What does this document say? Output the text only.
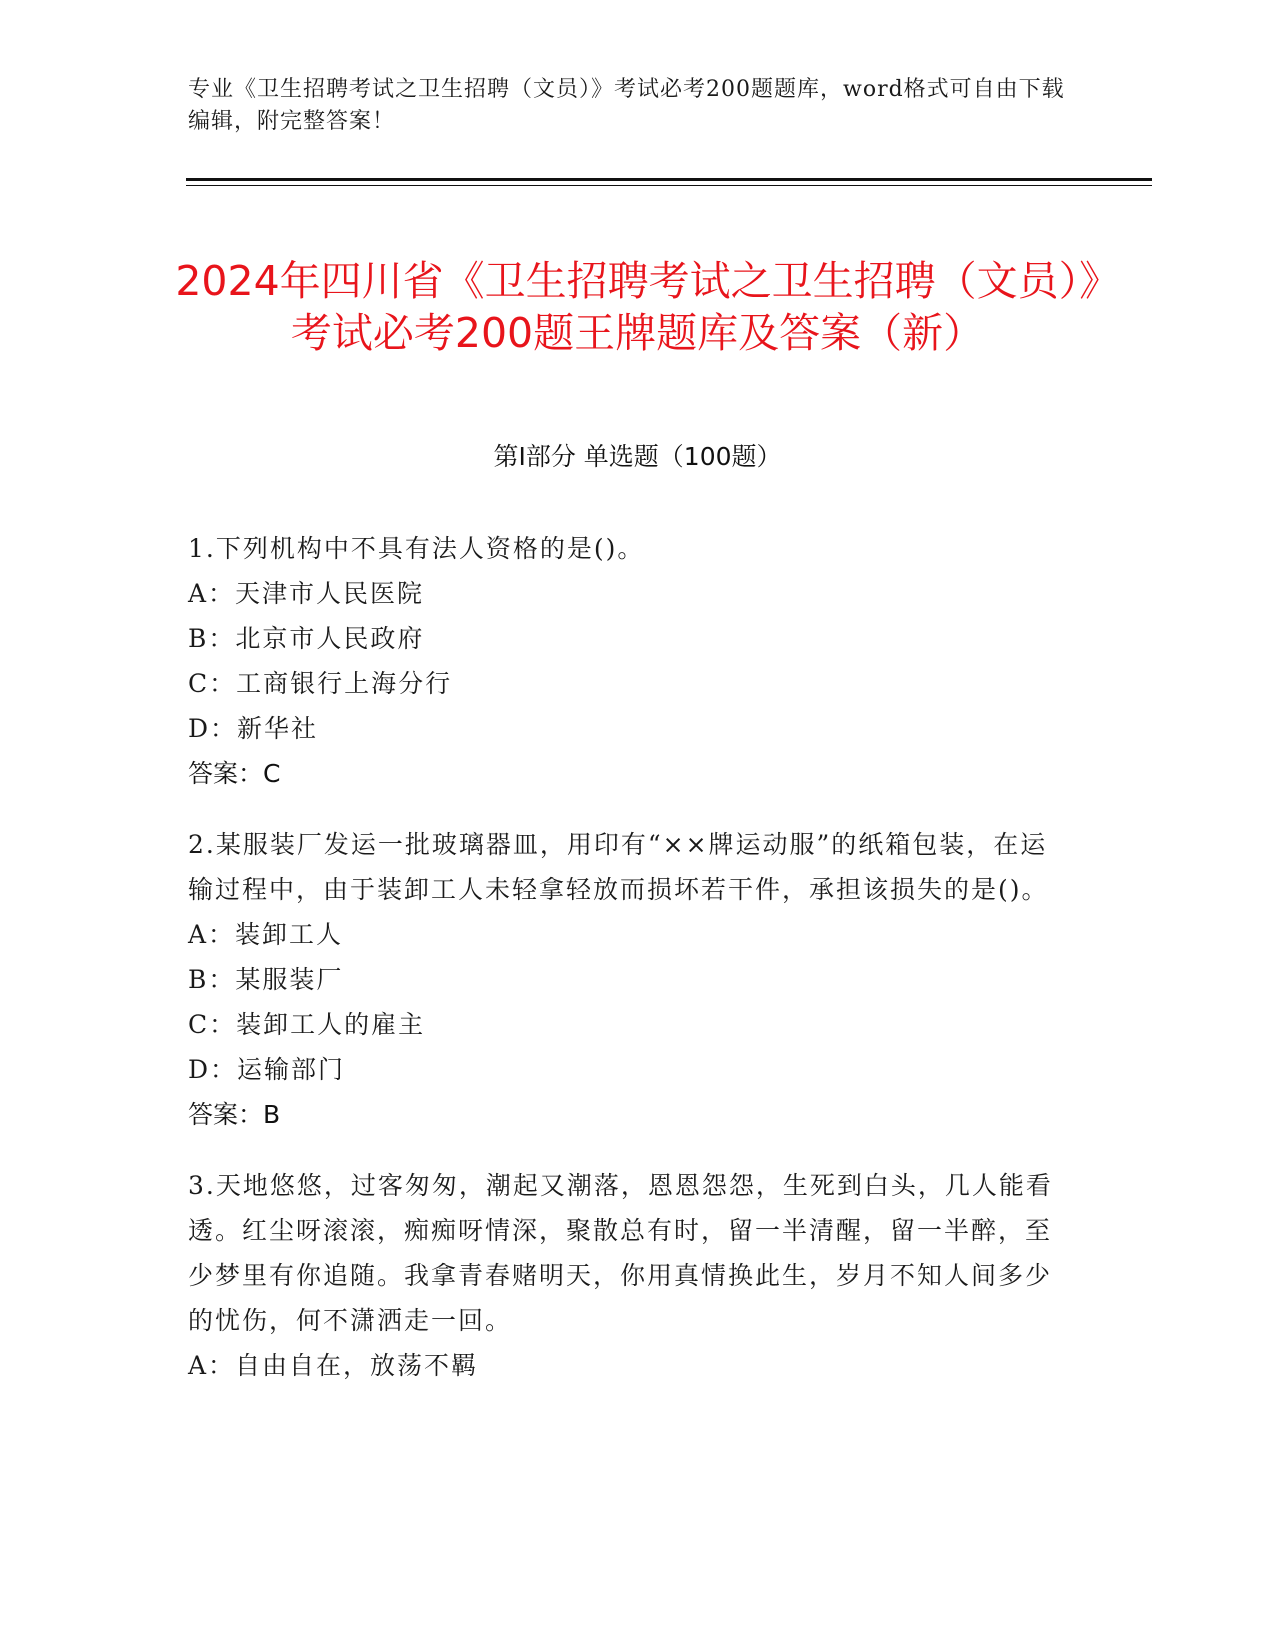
专业《卫生招聘考试之卫生招聘（文员）》考试必考200题题库，word格式可自由下载编辑，附完整答案！
2024年四川省《卫生招聘考试之卫生招聘（文员）》考试必考200题王牌题库及答案（新）
第I部分 单选题（100题）
1.下列机构中不具有法人资格的是()。
A：天津市人民医院
B：北京市人民政府
C：工商银行上海分行
D：新华社
答案：C
2.某服装厂发运一批玻璃器皿，用印有“××牌运动服”的纸箱包装，在运输过程中，由于装卸工人未轻拿轻放而损坏若干件，承担该损失的是()。
A：装卸工人
B：某服装厂
C：装卸工人的雇主
D：运输部门
答案：B
3.天地悠悠，过客匆匆，潮起又潮落，恩恩怨怨，生死到白头，几人能看透。红尘呀滚滚，痴痴呀情深，聚散总有时，留一半清醒，留一半醉，至少梦里有你追随。我拿青春赌明天，你用真情换此生，岁月不知人间多少的忧伤，何不潇洒走一回。
A：自由自在，放荡不羁
